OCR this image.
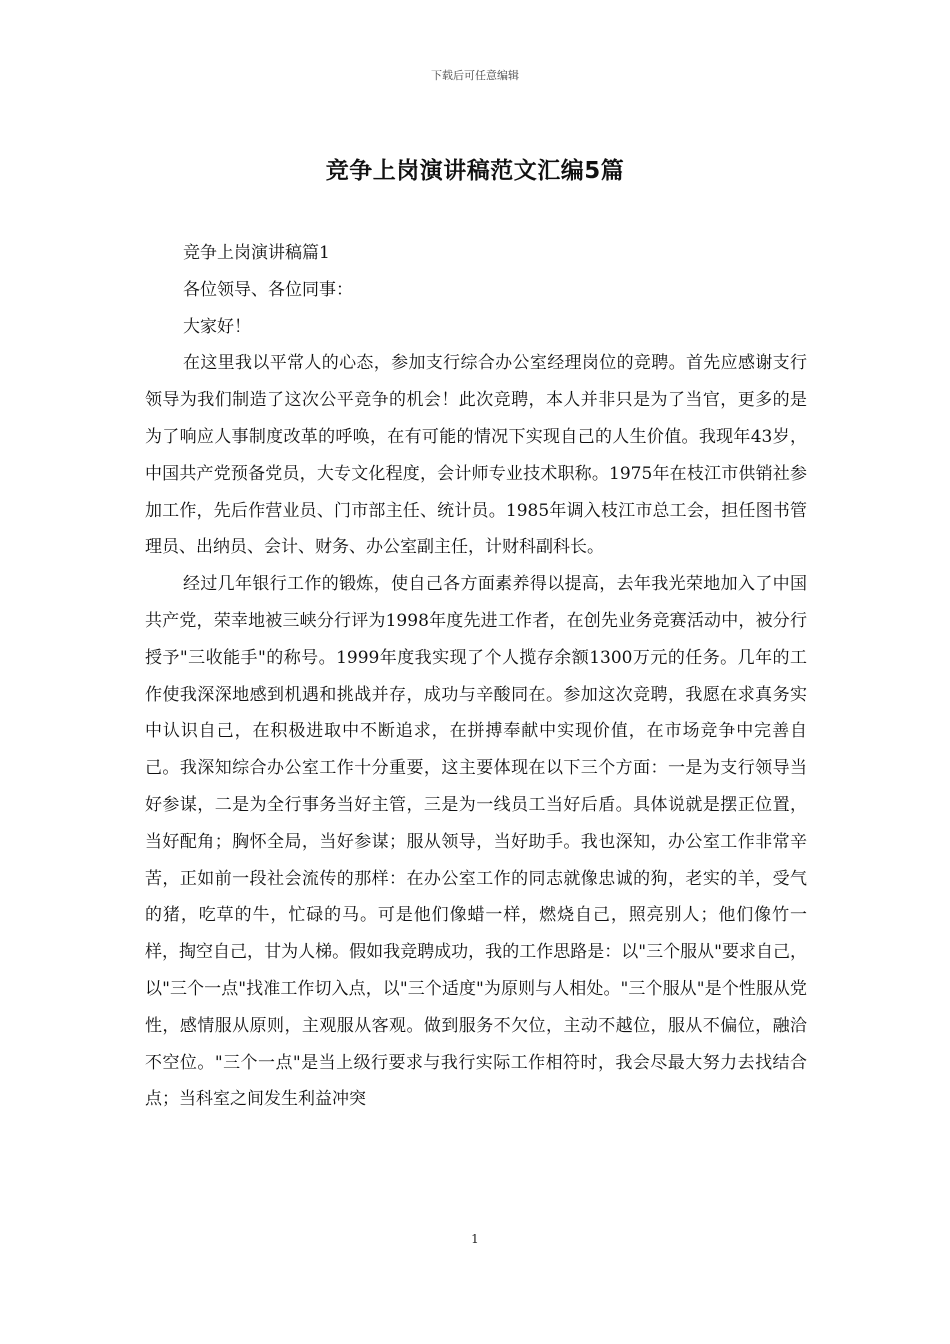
下载后可任意编辑
竞争上岗演讲稿范文汇编5篇

竞争上岗演讲稿篇1

各位领导、各位同事：

大家好！

在这里我以平常人的心态，参加支行综合办公室经理岗位的竞聘。首先应感谢支行领导为我们制造了这次公平竞争的机会！此次竞聘，本人并非只是为了当官，更多的是为了响应人事制度改革的呼唤，在有可能的情况下实现自己的人生价值。我现年43岁，中国共产党预备党员，大专文化程度，会计师专业技术职称。1975年在枝江市供销社参加工作，先后作营业员、门市部主任、统计员。1985年调入枝江市总工会，担任图书管理员、出纳员、会计、财务、办公室副主任，计财科副科长。

经过几年银行工作的锻炼，使自己各方面素养得以提高，去年我光荣地加入了中国共产党，荣幸地被三峡分行评为1998年度先进工作者，在创先业务竞赛活动中，被分行授予"三收能手"的称号。1999年度我实现了个人揽存余额1300万元的任务。几年的工作使我深深地感到机遇和挑战并存，成功与辛酸同在。参加这次竞聘，我愿在求真务实中认识自己，在积极进取中不断追求，在拼搏奉献中实现价值，在市场竞争中完善自己。我深知综合办公室工作十分重要，这主要体现在以下三个方面：一是为支行领导当好参谋，二是为全行事务当好主管，三是为一线员工当好后盾。具体说就是摆正位置，当好配角；胸怀全局，当好参谋；服从领导，当好助手。我也深知，办公室工作非常辛苦，正如前一段社会流传的那样：在办公室工作的同志就像忠诚的狗，老实的羊，受气的猪，吃草的牛，忙碌的马。可是他们像蜡一样，燃烧自己，照亮别人；他们像竹一样，掏空自己，甘为人梯。假如我竞聘成功，我的工作思路是：以"三个服从"要求自己，以"三个一点"找准工作切入点，以"三个适度"为原则与人相处。"三个服从"是个性服从党性，感情服从原则，主观服从客观。做到服务不欠位，主动不越位，服从不偏位，融洽不空位。"三个一点"是当上级行要求与我行实际工作相符时，我会尽最大努力去找结合点；当科室之间发生利益冲突

1
